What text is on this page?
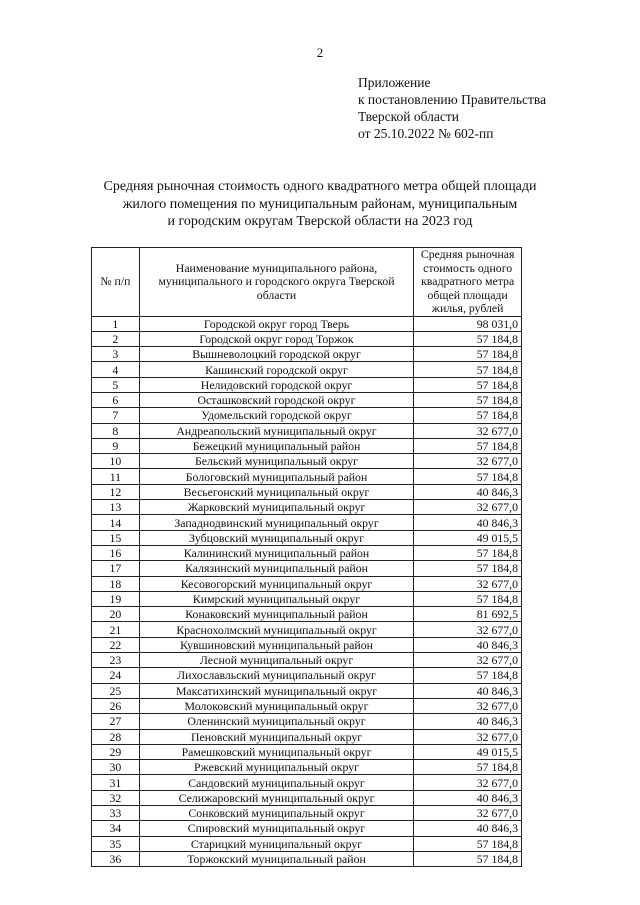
2
Приложение
к постановлению Правительства
Тверской области
от 25.10.2022 № 602-пп
Средняя рыночная стоимость одного квадратного метра общей площади
жилого помещения по муниципальным районам, муниципальным
и городским округам Тверской области на 2023 год
№ п/п	Наименование муниципального района, муниципального и городского округа Тверской области	Средняя рыночная стоимость одного квадратного метра общей площади жилья, рублей
1	Городской округ город Тверь	98 031,0
2	Городской округ город Торжок	57 184,8
3	Вышневолоцкий городской округ	57 184,8
4	Кашинский городской округ	57 184,8
5	Нелидовский городской округ	57 184,8
6	Осташковский городской округ	57 184,8
7	Удомельский городской округ	57 184,8
8	Андреапольский муниципальный округ	32 677,0
9	Бежецкий муниципальный район	57 184,8
10	Бельский муниципальный округ	32 677,0
11	Бологовский муниципальный район	57 184,8
12	Весьегонский муниципальный округ	40 846,3
13	Жарковский муниципальный округ	32 677,0
14	Западнодвинский муниципальный округ	40 846,3
15	Зубцовский муниципальный округ	49 015,5
16	Калининский муниципальный район	57 184,8
17	Калязинский муниципальный район	57 184,8
18	Кесовогорский муниципальный округ	32 677,0
19	Кимрский муниципальный округ	57 184,8
20	Конаковский муниципальный район	81 692,5
21	Краснохолмский муниципальный округ	32 677,0
22	Кувшиновский муниципальный район	40 846,3
23	Лесной муниципальный округ	32 677,0
24	Лихославльский муниципальный округ	57 184,8
25	Максатихинский муниципальный округ	40 846,3
26	Молоковский муниципальный округ	32 677,0
27	Оленинский муниципальный округ	40 846,3
28	Пеновский муниципальный округ	32 677,0
29	Рамешковский муниципальный округ	49 015,5
30	Ржевский муниципальный округ	57 184,8
31	Сандовский муниципальный округ	32 677,0
32	Селижаровский муниципальный округ	40 846,3
33	Сонковский муниципальный округ	32 677,0
34	Спировский муниципальный округ	40 846,3
35	Старицкий муниципальный округ	57 184,8
36	Торжокский муниципальный район	57 184,8
